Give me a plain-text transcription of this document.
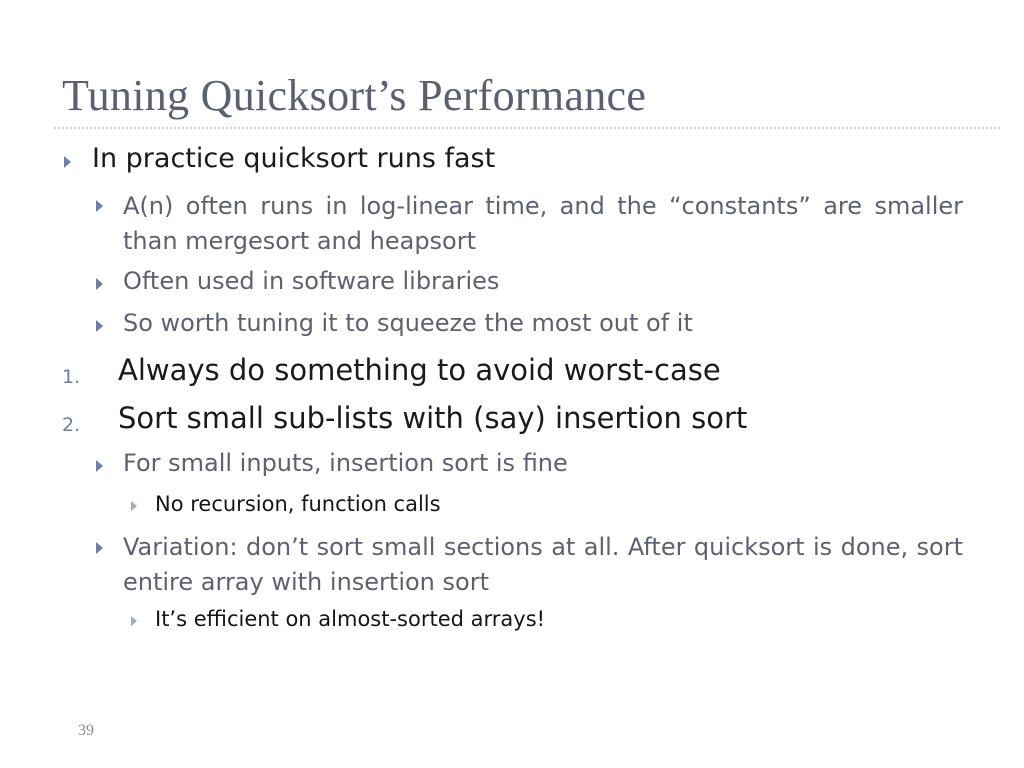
Tuning Quicksort’s Performance
In practice quicksort runs fast
A(n) often runs in log-linear time, and the “constants” are smaller than mergesort and heapsort
Often used in software libraries
So worth tuning it to squeeze the most out of it
1. Always do something to avoid worst-case
2. Sort small sub-lists with (say) insertion sort
For small inputs, insertion sort is fine
No recursion, function calls
Variation: don’t sort small sections at all. After quicksort is done, sort entire array with insertion sort
It’s efficient on almost-sorted arrays!
39
